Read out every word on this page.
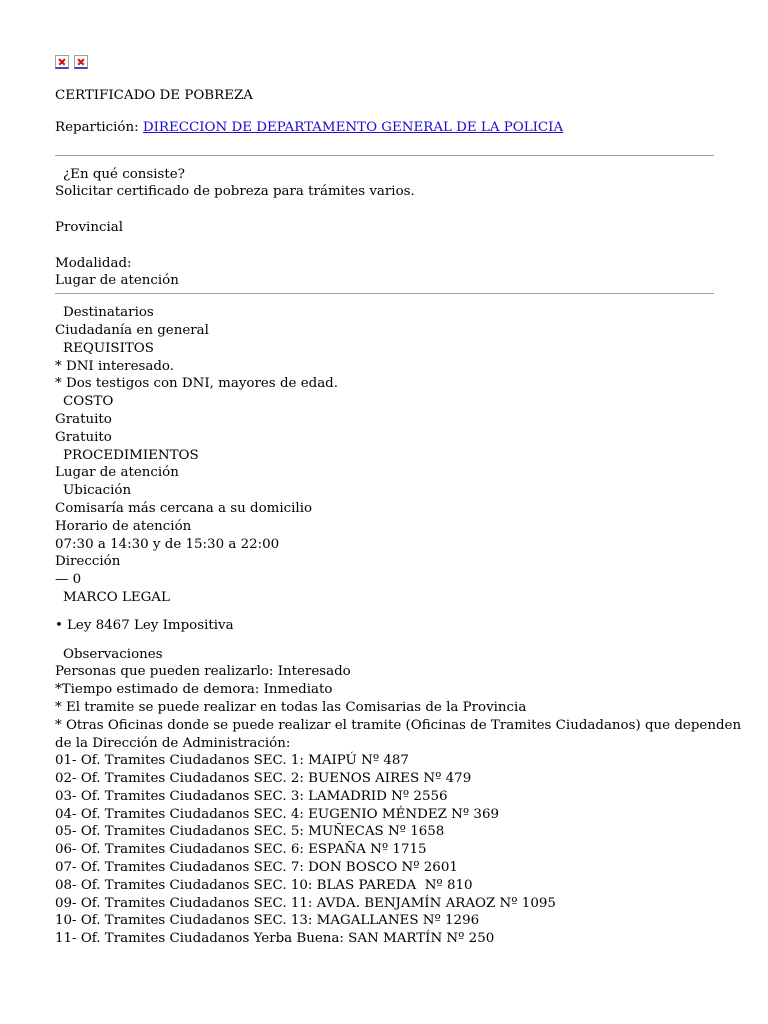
CERTIFICADO DE POBREZA
Repartición: DIRECCION DE DEPARTAMENTO GENERAL DE LA POLICIA
¿En qué consiste?
Solicitar certificado de pobreza para trámites varios.
Provincial
Modalidad:
Lugar de atención
Destinatarios
Ciudadanía en general
REQUISITOS
* DNI interesado.
* Dos testigos con DNI, mayores de edad.
COSTO
Gratuito
Gratuito
PROCEDIMIENTOS
Lugar de atención
Ubicación
Comisaría más cercana a su domicilio
Horario de atención
07:30 a 14:30 y de 15:30 a 22:00
Dirección
— 0
MARCO LEGAL
• Ley 8467 Ley Impositiva
Observaciones
Personas que pueden realizarlo: Interesado
*Tiempo estimado de demora: Inmediato
* El tramite se puede realizar en todas las Comisarias de la Provincia
* Otras Oficinas donde se puede realizar el tramite (Oficinas de Tramites Ciudadanos) que dependen
de la Dirección de Administración:
01- Of. Tramites Ciudadanos SEC. 1: MAIPÚ Nº 487
02- Of. Tramites Ciudadanos SEC. 2: BUENOS AIRES Nº 479
03- Of. Tramites Ciudadanos SEC. 3: LAMADRID Nº 2556
04- Of. Tramites Ciudadanos SEC. 4: EUGENIO MÉNDEZ Nº 369
05- Of. Tramites Ciudadanos SEC. 5: MUÑECAS Nº 1658
06- Of. Tramites Ciudadanos SEC. 6: ESPAÑA Nº 1715
07- Of. Tramites Ciudadanos SEC. 7: DON BOSCO Nº 2601
08- Of. Tramites Ciudadanos SEC. 10: BLAS PAREDA  Nº 810
09- Of. Tramites Ciudadanos SEC. 11: AVDA. BENJAMÍN ARAOZ Nº 1095
10- Of. Tramites Ciudadanos SEC. 13: MAGALLANES Nº 1296
11- Of. Tramites Ciudadanos Yerba Buena: SAN MARTÍN Nº 250
